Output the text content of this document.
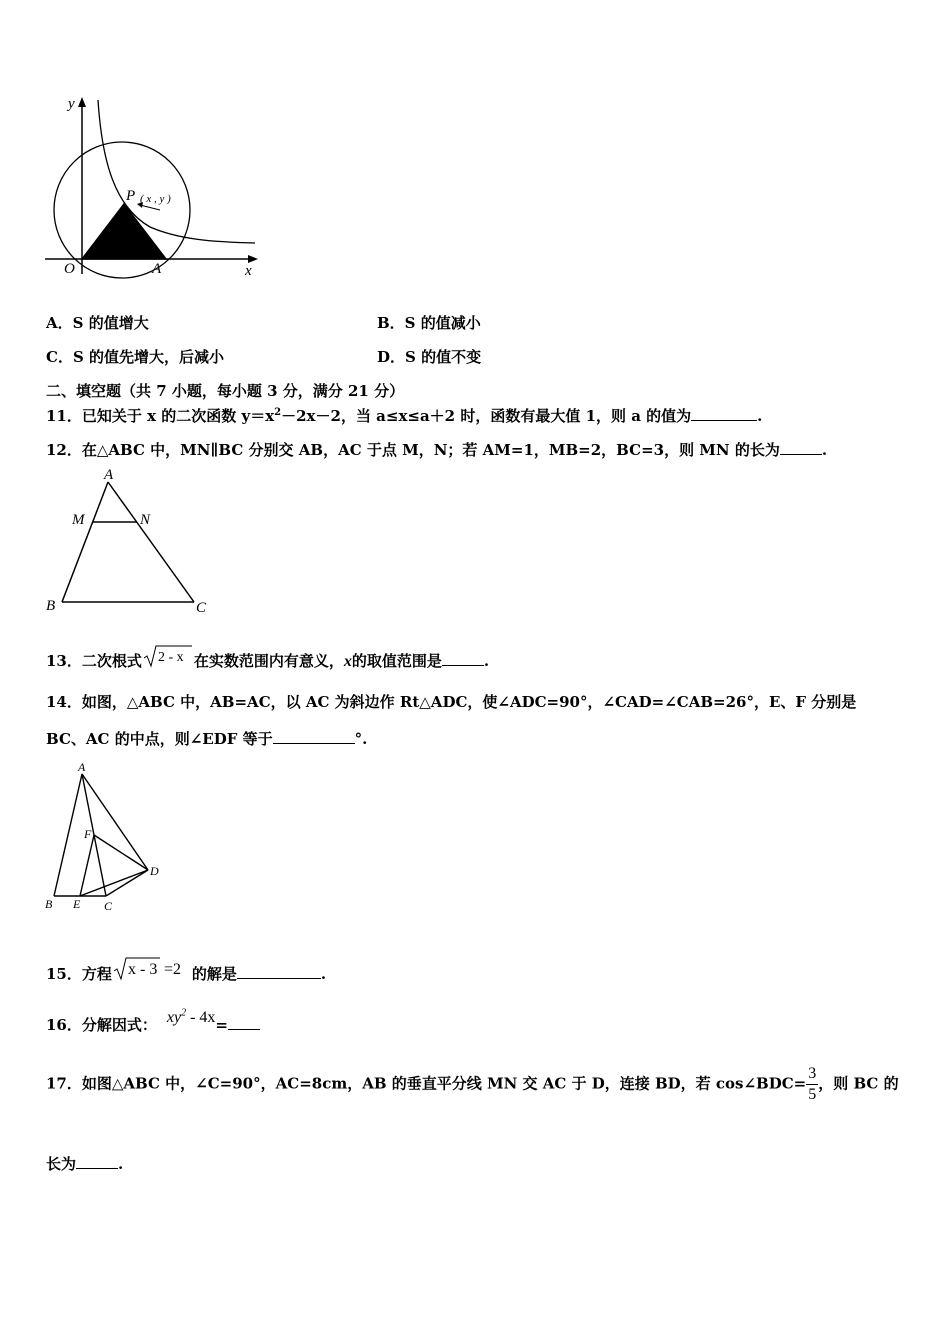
y
P ( x , y )
O	A	x
A．S 的值增大	B．S 的值减小
C．S 的值先增大，后减小	D．S 的值不变
二、填空题（共 7 小题，每小题 3 分，满分 21 分）
11．已知关于 x 的二次函数 $y=x^2-2x-2$，当 a≤x≤a＋2 时，函数有最大值 1，则 a 的值为	.
12．在△ABC 中，MN∥BC 分别交 AB，AC 于点 M，N；若 AM=1，MB=2，BC=3，则 MN 的长为	.
A
M	N
B	C
13．二次根式 2 - x 在实数范围内有意义，x的取值范围是	.
14．如图，△ABC 中，AB=AC，以 AC 为斜边作 Rt△ADC，使∠ADC=90°，∠CAD=∠CAB=26°，E、F 分别是
BC、AC 的中点，则∠EDF 等于	°.
A
F
D
B E C
15．方程 x - 3 =2 的解是	.
16．分解因式： $xy^2 - 4x=$
17．如图△ABC 中，∠C=90°，AC=8cm，AB 的垂直平分线 MN 交 AC 于 D，连接 BD，若 cos∠BDC= $\frac{3}{5}$ ，则 BC 的
长为	.
